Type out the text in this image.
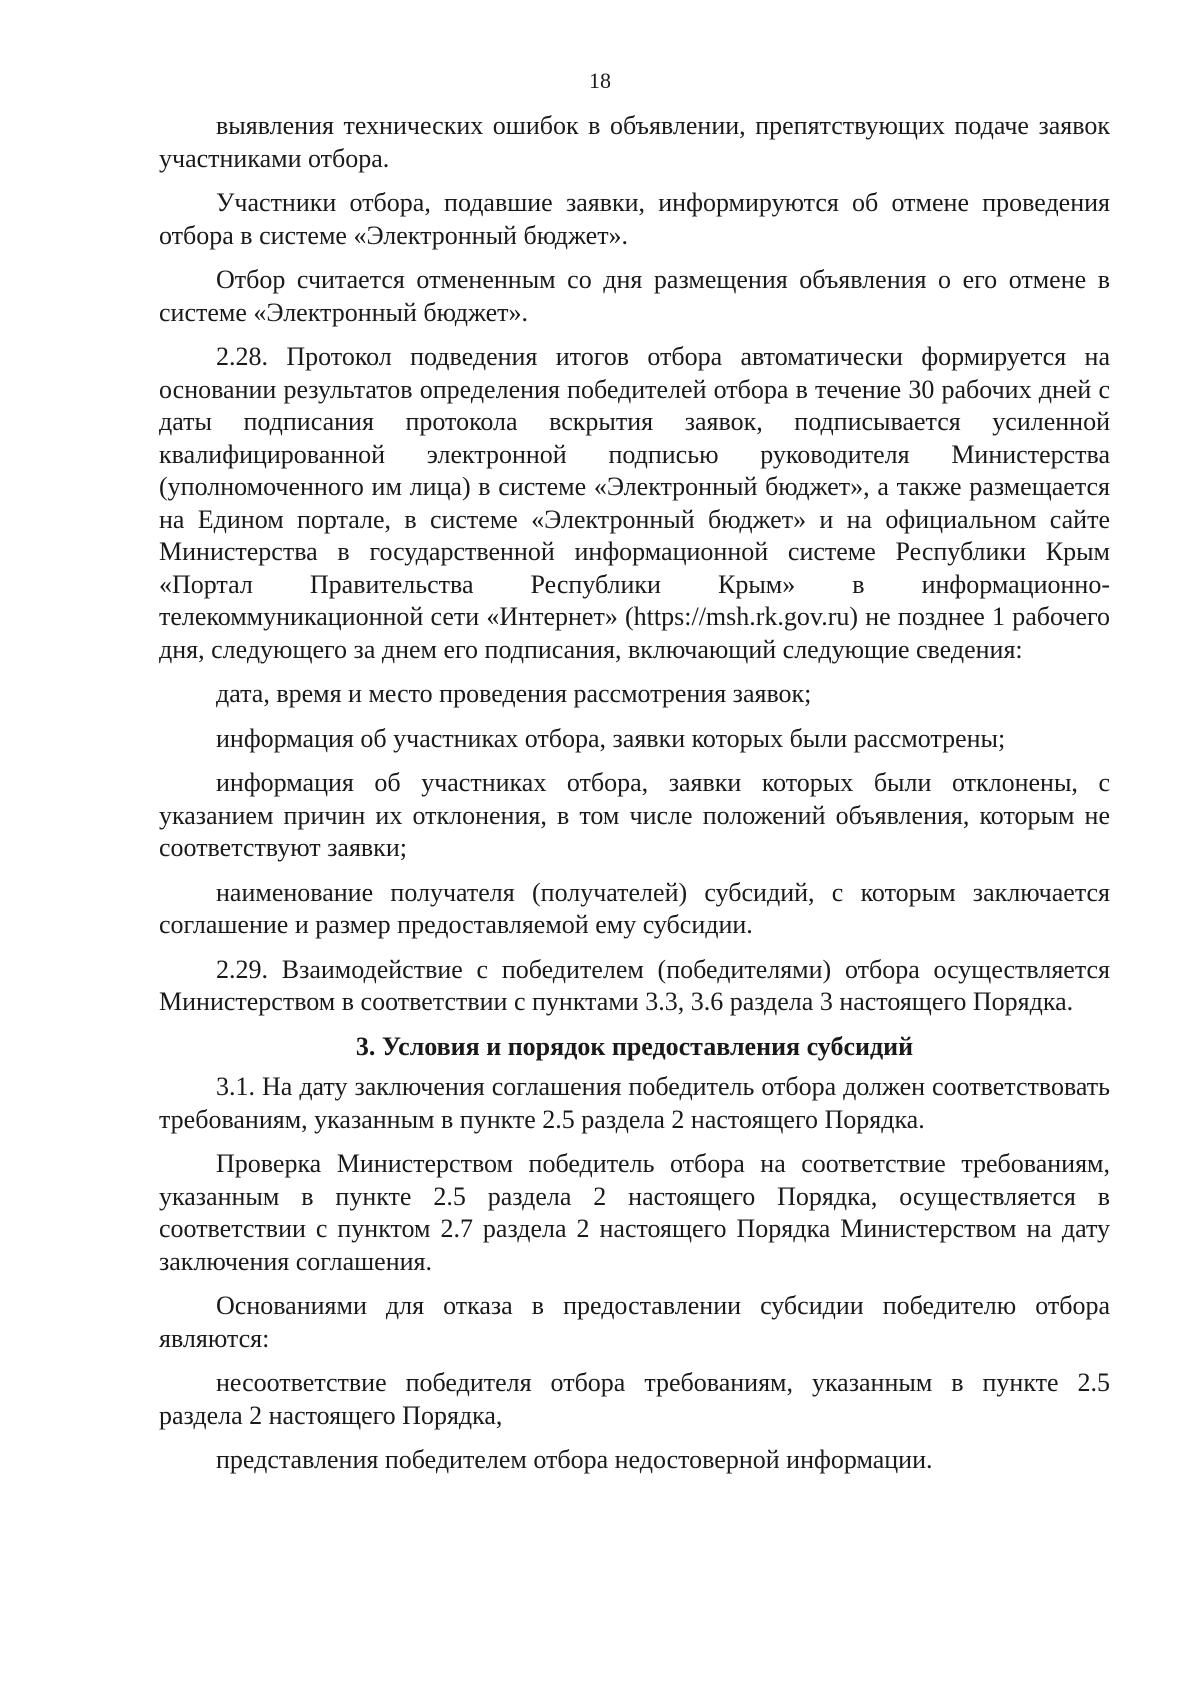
18

выявления технических ошибок в объявлении, препятствующих подаче заявок участниками отбора.

Участники отбора, подавшие заявки, информируются об отмене проведения отбора в системе «Электронный бюджет».

Отбор считается отмененным со дня размещения объявления о его отмене в системе «Электронный бюджет».

2.28. Протокол подведения итогов отбора автоматически формируется на основании результатов определения победителей отбора в течение 30 рабочих дней с даты подписания протокола вскрытия заявок, подписывается усиленной квалифицированной электронной подписью руководителя Министерства (уполномоченного им лица) в системе «Электронный бюджет», а также размещается на Едином портале, в системе «Электронный бюджет» и на официальном сайте Министерства в государственной информационной системе Республики Крым «Портал Правительства Республики Крым» в информационно-телекоммуникационной сети «Интернет» (https://msh.rk.gov.ru) не позднее 1 рабочего дня, следующего за днем его подписания, включающий следующие сведения:

дата, время и место проведения рассмотрения заявок;

информация об участниках отбора, заявки которых были рассмотрены;

информация об участниках отбора, заявки которых были отклонены, с указанием причин их отклонения, в том числе положений объявления, которым не соответствуют заявки;

наименование получателя (получателей) субсидий, с которым заключается соглашение и размер предоставляемой ему субсидии.

2.29. Взаимодействие с победителем (победителями) отбора осуществляется Министерством в соответствии с пунктами 3.3, 3.6 раздела 3 настоящего Порядка.

3. Условия и порядок предоставления субсидий

3.1. На дату заключения соглашения победитель отбора должен соответствовать требованиям, указанным в пункте 2.5 раздела 2 настоящего Порядка.

Проверка Министерством победитель отбора на соответствие требованиям, указанным в пункте 2.5 раздела 2 настоящего Порядка, осуществляется в соответствии с пунктом 2.7 раздела 2 настоящего Порядка Министерством на дату заключения соглашения.

Основаниями для отказа в предоставлении субсидии победителю отбора являются:

несоответствие победителя отбора требованиям, указанным в пункте 2.5 раздела 2 настоящего Порядка,

представления победителем отбора недостоверной информации.
